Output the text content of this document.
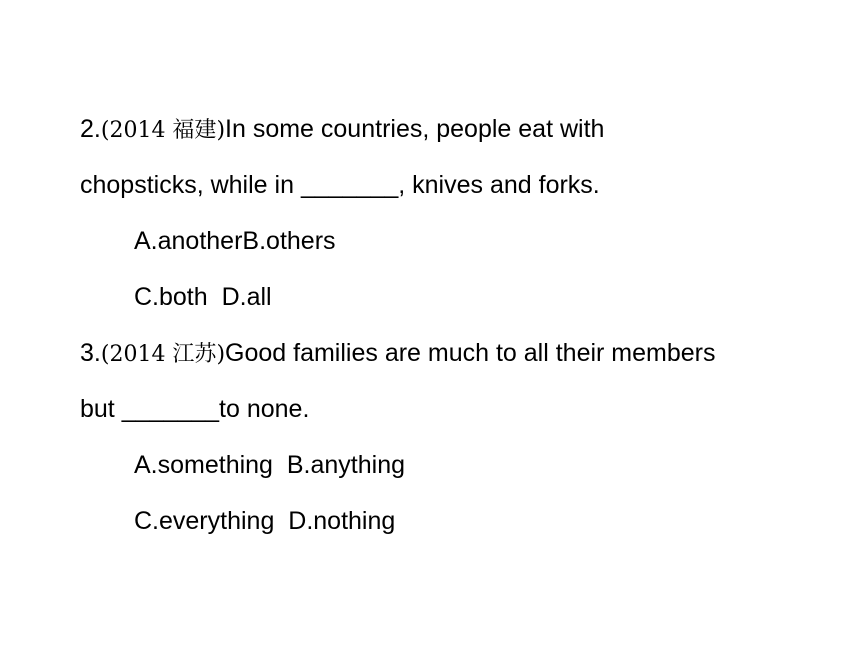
2.(2014 福建)In some countries, people eat with
chopsticks, while in _______, knives and forks.
A.anotherB.others
C.both D.all
3.(2014 江苏)Good families are much to all their members
but _______to none.
A.something B.anything
C.everything D.nothing
